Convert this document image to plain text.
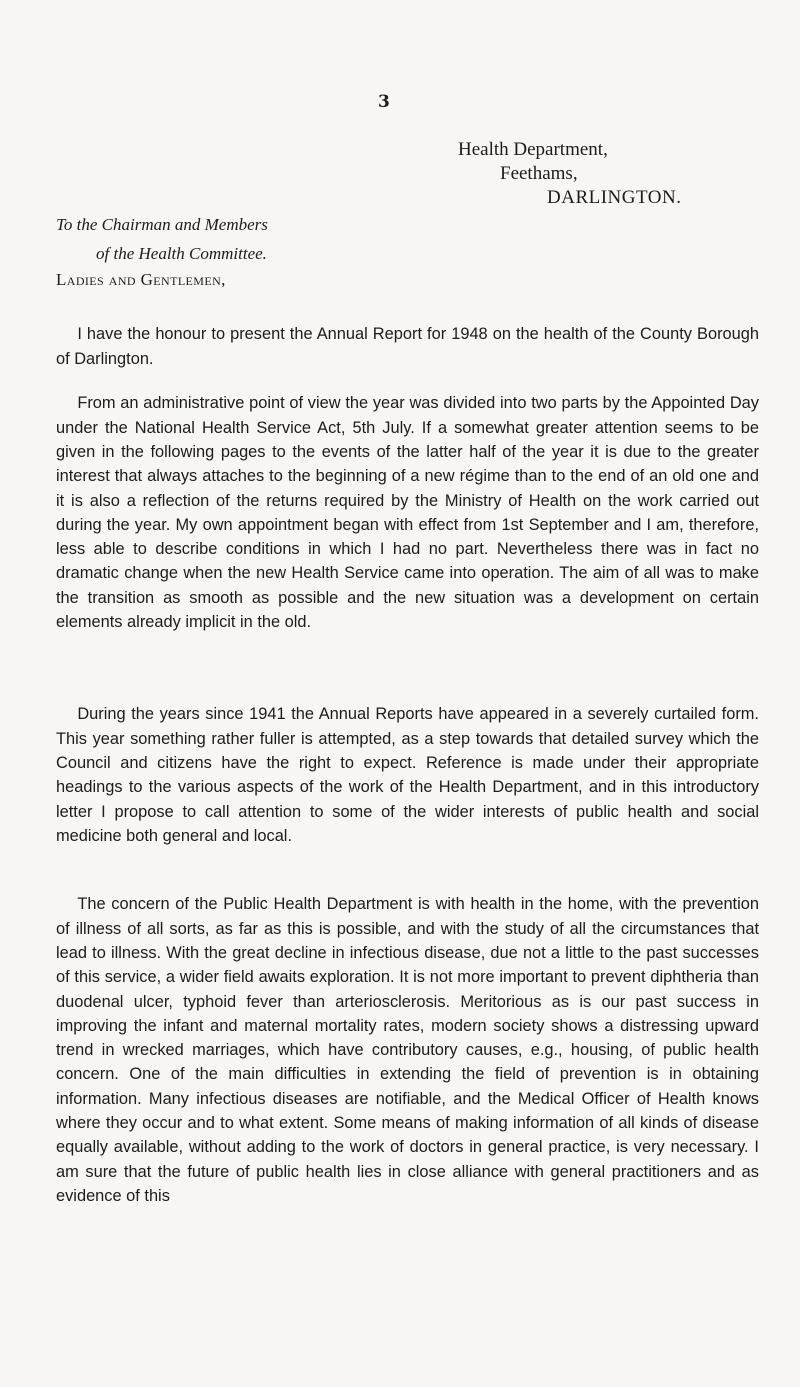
3
Health Department,
Feethams,
DARLINGTON.
To the Chairman and Members
of the Health Committee.
Ladies and Gentlemen,

I have the honour to present the Annual Report for 1948 on the health of the County Borough of Darlington.

From an administrative point of view the year was divided into two parts by the Appointed Day under the National Health Service Act, 5th July. If a somewhat greater attention seems to be given in the following pages to the events of the latter half of the year it is due to the greater interest that always attaches to the beginning of a new régime than to the end of an old one and it is also a reflection of the returns required by the Ministry of Health on the work carried out during the year. My own appointment began with effect from 1st September and I am, therefore, less able to describe conditions in which I had no part. Nevertheless there was in fact no dramatic change when the new Health Service came into operation. The aim of all was to make the transition as smooth as possible and the new situation was a development on certain elements already implicit in the old.

During the years since 1941 the Annual Reports have appeared in a severely curtailed form. This year something rather fuller is attempted, as a step towards that detailed survey which the Council and citizens have the right to expect. Reference is made under their appropriate headings to the various aspects of the work of the Health Department, and in this introductory letter I propose to call attention to some of the wider interests of public health and social medicine both general and local.

The concern of the Public Health Department is with health in the home, with the prevention of illness of all sorts, as far as this is possible, and with the study of all the circumstances that lead to illness. With the great decline in infectious disease, due not a little to the past successes of this service, a wider field awaits exploration. It is not more important to prevent diphtheria than duodenal ulcer, typhoid fever than arteriosclerosis. Meritorious as is our past success in improving the infant and maternal mortality rates, modern society shows a distressing upward trend in wrecked marriages, which have contributory causes, e.g., housing, of public health concern. One of the main difficulties in extending the field of prevention is in obtaining information. Many infectious diseases are notifiable, and the Medical Officer of Health knows where they occur and to what extent. Some means of making information of all kinds of disease equally available, without adding to the work of doctors in general practice, is very necessary. I am sure that the future of public health lies in close alliance with general practitioners and as evidence of this
